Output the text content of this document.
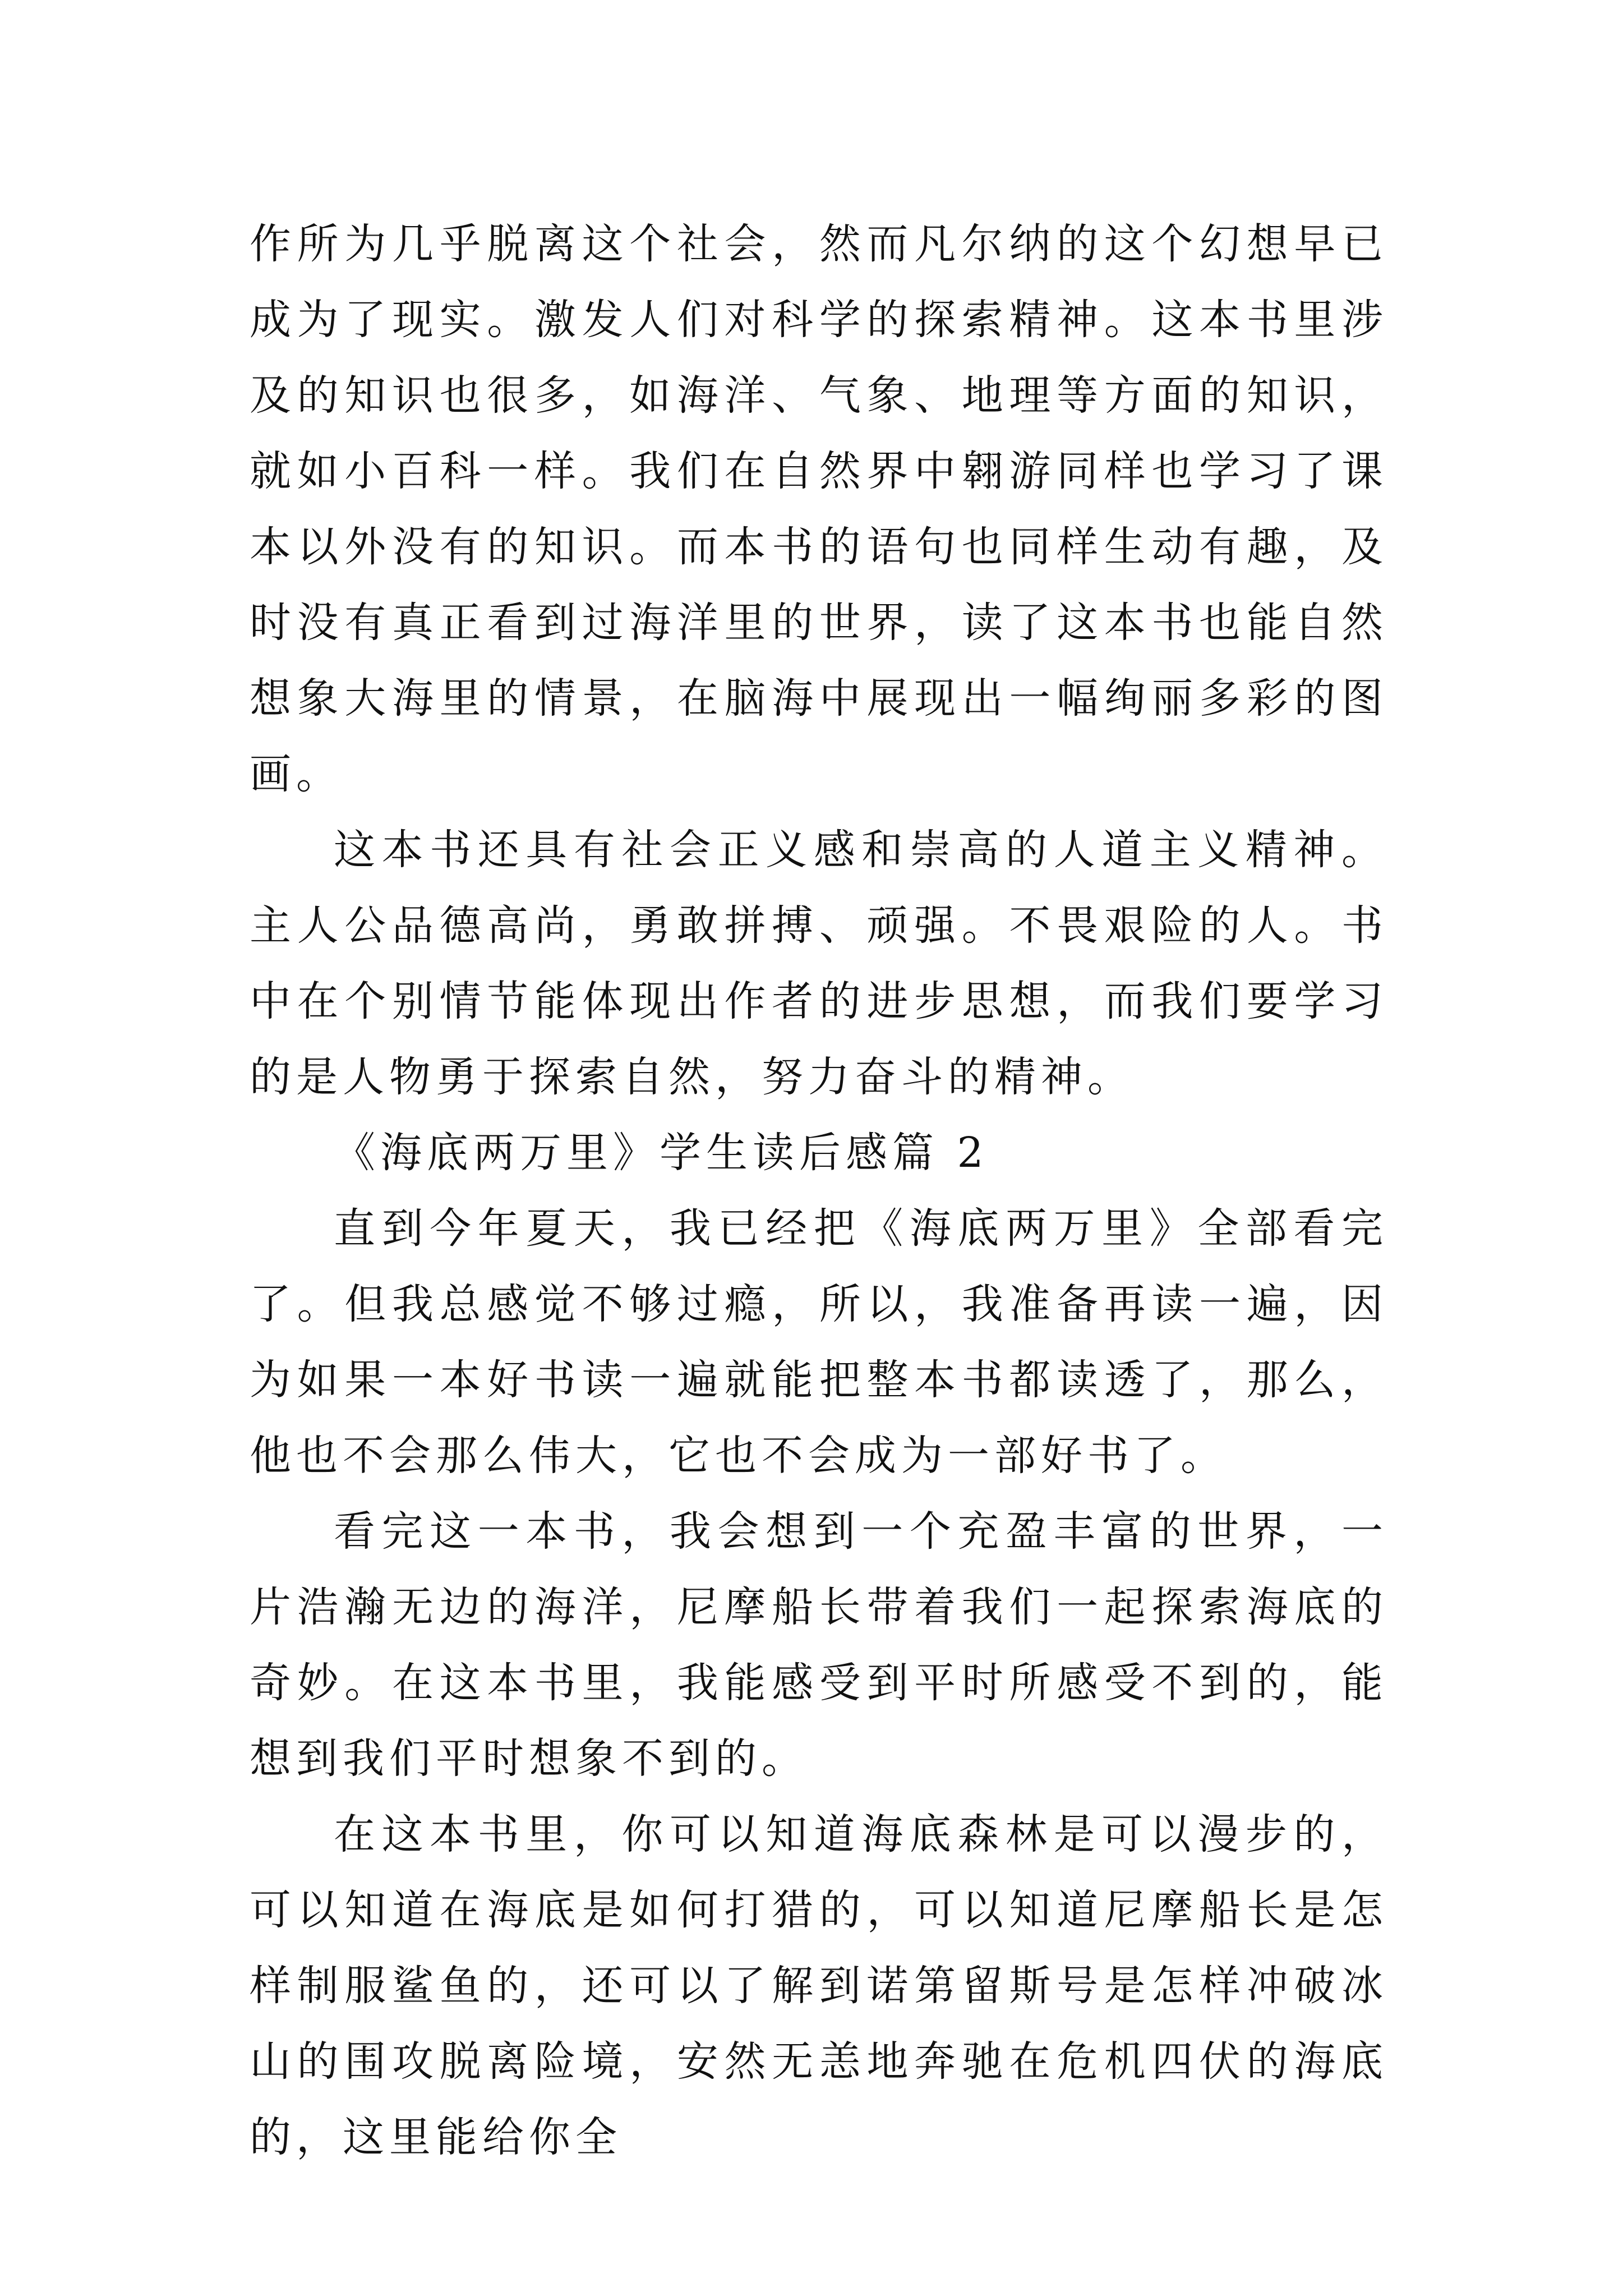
作所为几乎脱离这个社会，然而凡尔纳的这个幻想早已成为了现实。激发人们对科学的探索精神。这本书里涉及的知识也很多，如海洋、气象、地理等方面的知识，就如小百科一样。我们在自然界中翱游同样也学习了课本以外没有的知识。而本书的语句也同样生动有趣，及时没有真正看到过海洋里的世界，读了这本书也能自然想象大海里的情景，在脑海中展现出一幅绚丽多彩的图画。

这本书还具有社会正义感和崇高的人道主义精神。主人公品德高尚，勇敢拼搏、顽强。不畏艰险的人。书中在个别情节能体现出作者的进步思想，而我们要学习的是人物勇于探索自然，努力奋斗的精神。

《海底两万里》学生读后感篇 2

直到今年夏天，我已经把《海底两万里》全部看完了。但我总感觉不够过瘾，所以，我准备再读一遍，因为如果一本好书读一遍就能把整本书都读透了，那么，他也不会那么伟大，它也不会成为一部好书了。

看完这一本书，我会想到一个充盈丰富的世界，一片浩瀚无边的海洋，尼摩船长带着我们一起探索海底的奇妙。在这本书里，我能感受到平时所感受不到的，能想到我们平时想象不到的。

在这本书里，你可以知道海底森林是可以漫步的，可以知道在海底是如何打猎的，可以知道尼摩船长是怎样制服鲨鱼的，还可以了解到诺第留斯号是怎样冲破冰山的围攻脱离险境，安然无恙地奔驰在危机四伏的海底的，这里能给你全
